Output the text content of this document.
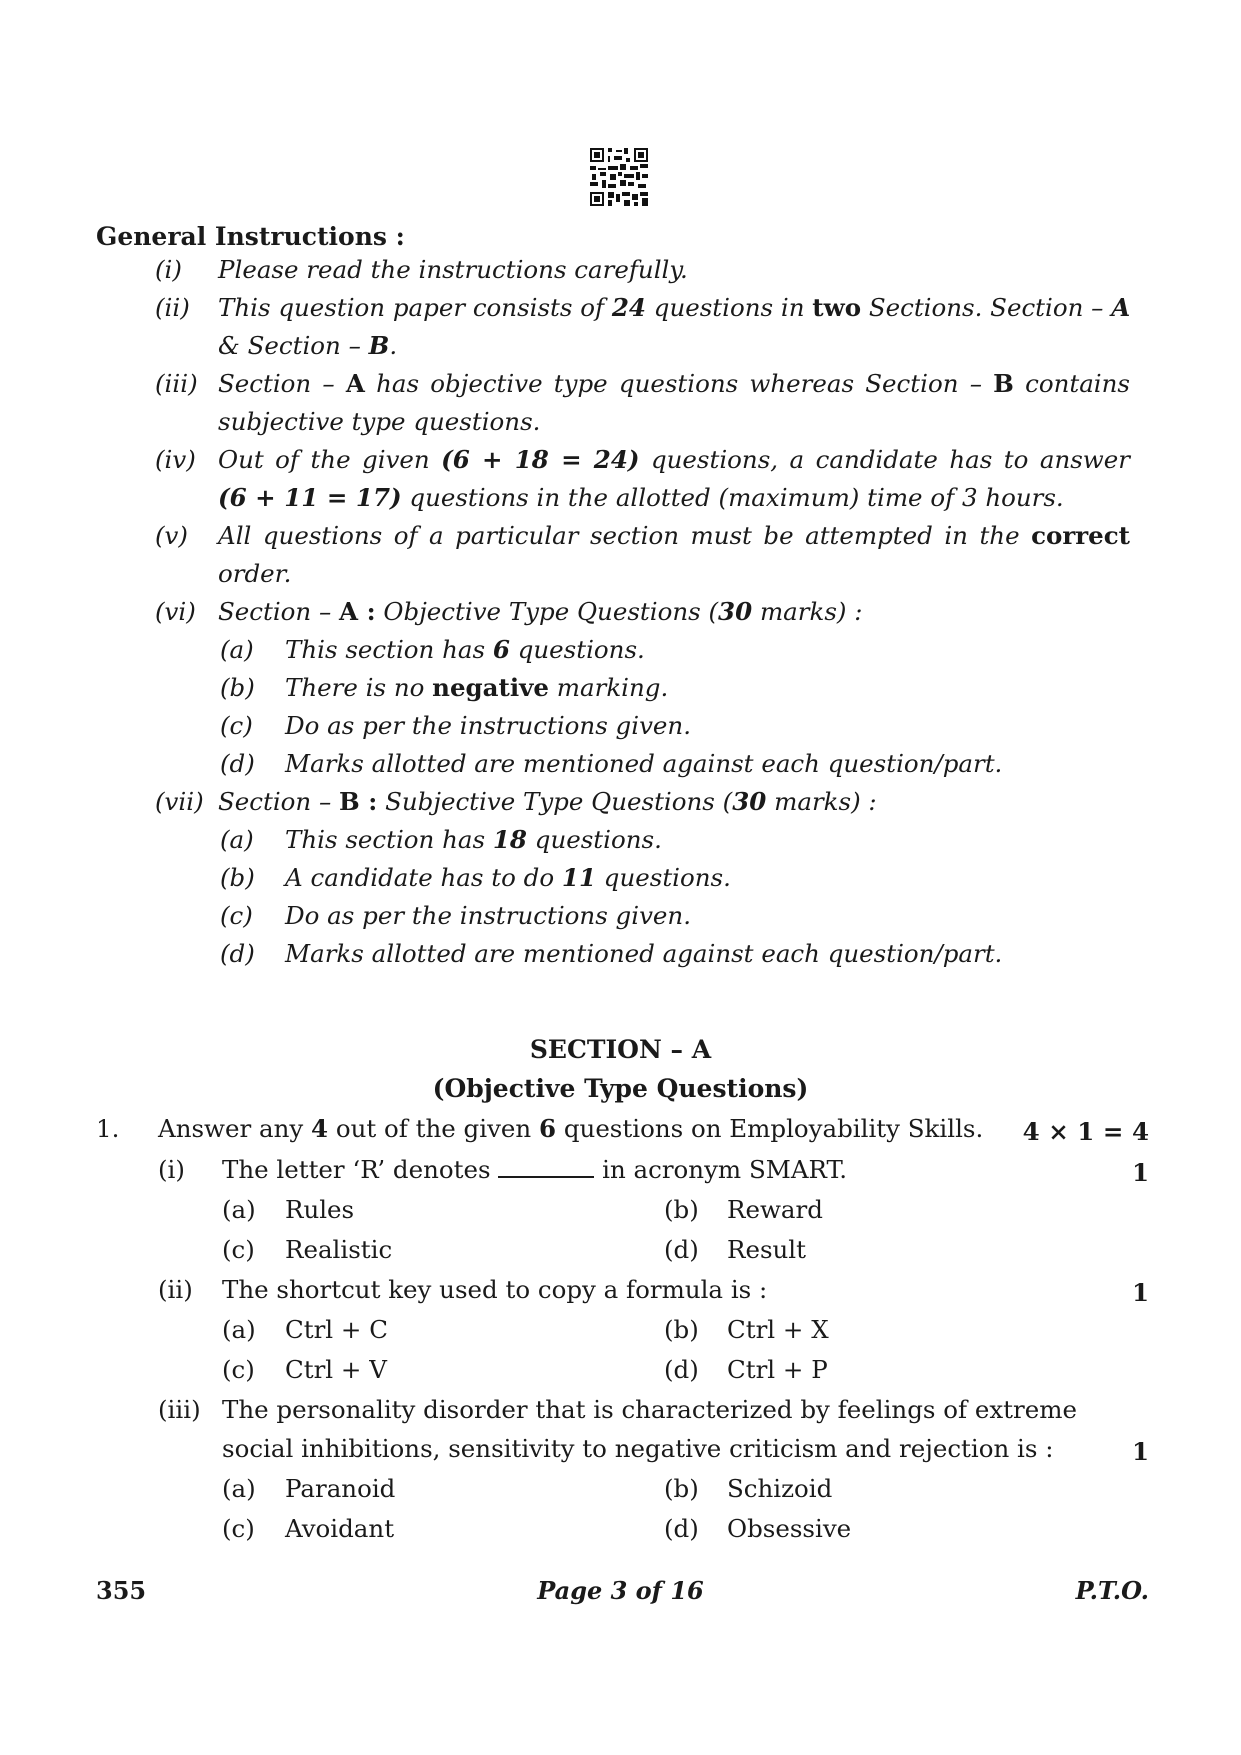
General Instructions :
(i) Please read the instructions carefully.
(ii) This question paper consists of 24 questions in two Sections. Section – A
& Section – B.
(iii) Section – A has objective type questions whereas Section – B contains
subjective type questions.
(iv) Out of the given (6 + 18 = 24) questions, a candidate has to answer
(6 + 11 = 17) questions in the allotted (maximum) time of 3 hours.
(v) All questions of a particular section must be attempted in the correct
order.
(vi) Section – A : Objective Type Questions (30 marks) :
(a) This section has 6 questions.
(b) There is no negative marking.
(c) Do as per the instructions given.
(d) Marks allotted are mentioned against each question/part.
(vii) Section – B : Subjective Type Questions (30 marks) :
(a) This section has 18 questions.
(b) A candidate has to do 11 questions.
(c) Do as per the instructions given.
(d) Marks allotted are mentioned against each question/part.
SECTION – A
(Objective Type Questions)
1. Answer any 4 out of the given 6 questions on Employability Skills. 4 × 1 = 4
(i) The letter ‘R’ denotes	in acronym SMART.	1
(a) Rules	(b) Reward
(c) Realistic	(d) Result
(ii) The shortcut key used to copy a formula is :	1
(a) Ctrl + C	(b) Ctrl + X
(c) Ctrl + V	(d) Ctrl + P
(iii) The personality disorder that is characterized by feelings of extreme
social inhibitions, sensitivity to negative criticism and rejection is :	1
(a) Paranoid	(b) Schizoid
(c) Avoidant	(d) Obsessive
355	Page 3 of 16	P.T.O.
